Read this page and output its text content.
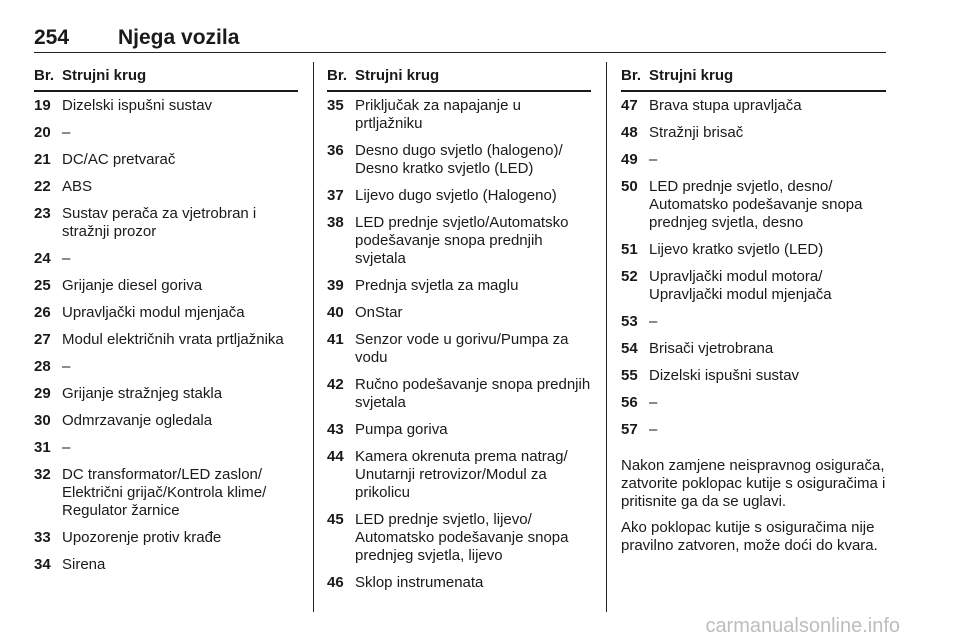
254 Njega vozila
Br. Strujni krug
19 Dizelski ispušni sustav
20 –
21 DC/AC pretvarač
22 ABS
23 Sustav perača za vjetrobran i stražnji prozor
24 –
25 Grijanje diesel goriva
26 Upravljački modul mjenjača
27 Modul električnih vrata prtljažnika
28 –
29 Grijanje stražnjeg stakla
30 Odmrzavanje ogledala
31 –
32 DC transformator/LED zaslon/ Električni grijač/Kontrola klime/ Regulator žarnice
33 Upozorenje protiv krađe
34 Sirena
Br. Strujni krug
35 Priključak za napajanje u prtljažniku
36 Desno dugo svjetlo (halogeno)/ Desno kratko svjetlo (LED)
37 Lijevo dugo svjetlo (Halogeno)
38 LED prednje svjetlo/Automatsko podešavanje snopa prednjih svjetala
39 Prednja svjetla za maglu
40 OnStar
41 Senzor vode u gorivu/Pumpa za vodu
42 Ručno podešavanje snopa prednjih svjetala
43 Pumpa goriva
44 Kamera okrenuta prema natrag/ Unutarnji retrovizor/Modul za prikolicu
45 LED prednje svjetlo, lijevo/ Automatsko podešavanje snopa prednjeg svjetla, lijevo
46 Sklop instrumenata
Br. Strujni krug
47 Brava stupa upravljača
48 Stražnji brisač
49 –
50 LED prednje svjetlo, desno/ Automatsko podešavanje snopa prednjeg svjetla, desno
51 Lijevo kratko svjetlo (LED)
52 Upravljački modul motora/ Upravljački modul mjenjača
53 –
54 Brisači vjetrobrana
55 Dizelski ispušni sustav
56 –
57 –

Nakon zamjene neispravnog osigurača, zatvorite poklopac kutije s osiguračima i pritisnite ga da se uglavi.

Ako poklopac kutije s osiguračima nije pravilno zatvoren, može doći do kvara.

carmanualsonline.info
